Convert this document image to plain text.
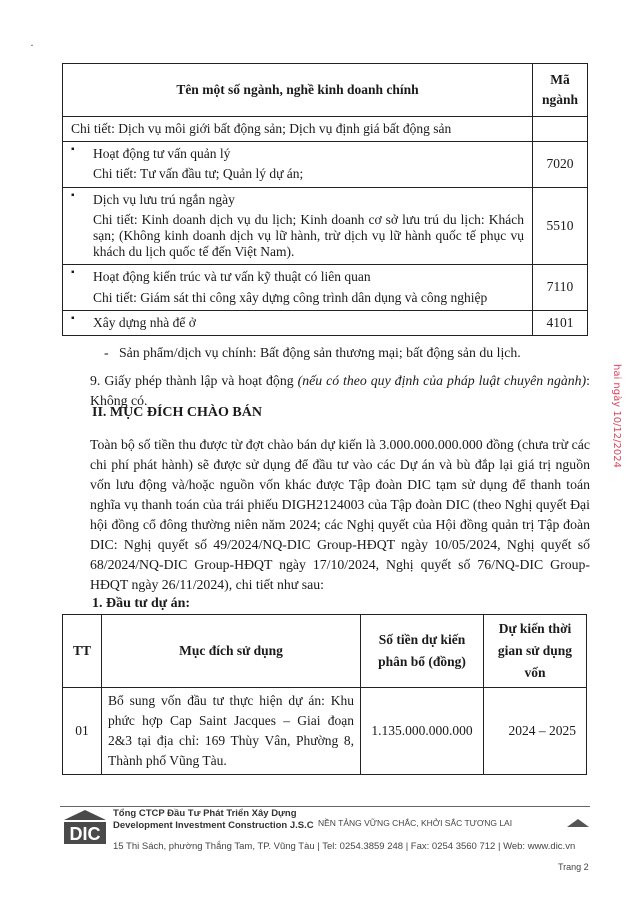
·
Tên một số ngành, nghề kinh doanh chính	Mã ngành

Chi tiết: Dịch vụ môi giới bất động sản; Dịch vụ định giá bất động sản	

▪ Hoạt động tư vấn quản lý
Chi tiết: Tư vấn đầu tư; Quản lý dự án;	7020

▪ Dịch vụ lưu trú ngắn ngày
Chi tiết: Kinh doanh dịch vụ du lịch; Kinh doanh cơ sở lưu trú du lịch: Khách sạn; (Không kinh doanh dịch vụ lữ hành, trừ dịch vụ lữ hành quốc tế phục vụ khách du lịch quốc tế đến Việt Nam).	5510

▪ Hoạt động kiến trúc và tư vấn kỹ thuật có liên quan
Chi tiết: Giám sát thi công xây dựng công trình dân dụng và công nghiệp	7110

▪ Xây dựng nhà để ở	4101
-   Sản phẩm/dịch vụ chính: Bất động sản thương mại; bất động sản du lịch.
9. Giấy phép thành lập và hoạt động (nếu có theo quy định của pháp luật chuyên ngành): Không có.
II. MỤC ĐÍCH CHÀO BÁN
Toàn bộ số tiền thu được từ đợt chào bán dự kiến là 3.000.000.000.000 đồng (chưa trừ các chi phí phát hành) sẽ được sử dụng để đầu tư vào các Dự án và bù đắp lại giá trị nguồn vốn lưu động và/hoặc nguồn vốn khác được Tập đoàn DIC tạm sử dụng để thanh toán nghĩa vụ thanh toán của trái phiếu DIGH2124003 của Tập đoàn DIC (theo Nghị quyết Đại hội đồng cổ đông thường niên năm 2024; các Nghị quyết của Hội đồng quản trị Tập đoàn DIC: Nghị quyết số 49/2024/NQ-DIC Group-HĐQT ngày 10/05/2024, Nghị quyết số 68/2024/NQ-DIC Group-HĐQT ngày 17/10/2024, Nghị quyết số 76/NQ-DIC Group-HĐQT ngày 26/11/2024), chi tiết như sau:
1. Đầu tư dự án:
TT	Mục đích sử dụng	Số tiền dự kiến phân bổ (đồng)	Dự kiến thời gian sử dụng vốn
01	Bổ sung vốn đầu tư thực hiện dự án: Khu phức hợp Cap Saint Jacques – Giai đoạn 2&3 tại địa chỉ: 169 Thùy Vân, Phường 8, Thành phố Vũng Tàu.	1.135.000.000.000	2024 – 2025
hai ngày 10/12/2024
DIC
Tổng CTCP Đầu Tư Phát Triển Xây Dựng
Development Investment Construction J.S.C NỀN TẢNG VỮNG CHẮC, KHỞI SẮC TƯƠNG LAI
15 Thi Sách, phường Thắng Tam, TP. Vũng Tàu | Tel: 0254.3859 248 | Fax: 0254 3560 712 | Web: www.dic.vn
Trang 2
